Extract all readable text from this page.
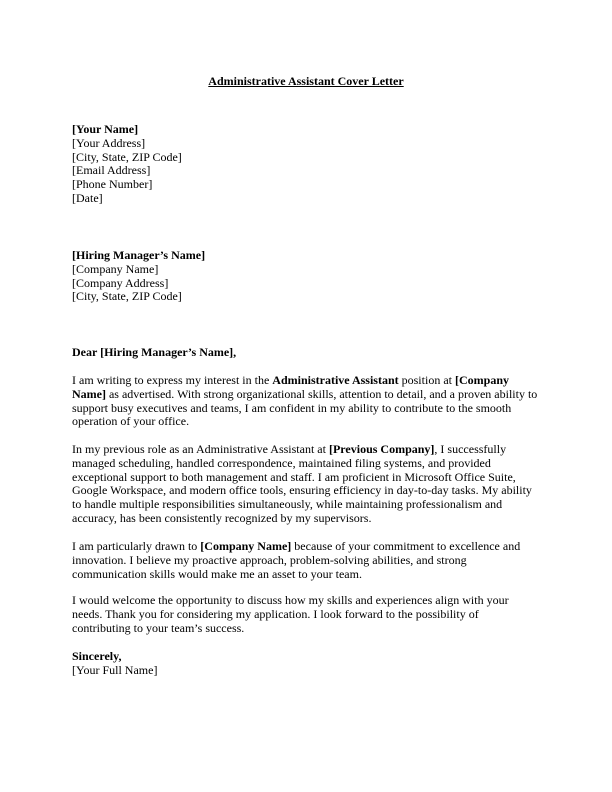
Administrative Assistant Cover Letter
[Your Name]
[Your Address]
[City, State, ZIP Code]
[Email Address]
[Phone Number]
[Date]
[Hiring Manager’s Name]
[Company Name]
[Company Address]
[City, State, ZIP Code]
Dear [Hiring Manager’s Name],
I am writing to express my interest in the Administrative Assistant position at [Company
Name] as advertised. With strong organizational skills, attention to detail, and a proven ability to
support busy executives and teams, I am confident in my ability to contribute to the smooth
operation of your office.
In my previous role as an Administrative Assistant at [Previous Company], I successfully
managed scheduling, handled correspondence, maintained filing systems, and provided
exceptional support to both management and staff. I am proficient in Microsoft Office Suite,
Google Workspace, and modern office tools, ensuring efficiency in day-to-day tasks. My ability
to handle multiple responsibilities simultaneously, while maintaining professionalism and
accuracy, has been consistently recognized by my supervisors.
I am particularly drawn to [Company Name] because of your commitment to excellence and
innovation. I believe my proactive approach, problem-solving abilities, and strong
communication skills would make me an asset to your team.
I would welcome the opportunity to discuss how my skills and experiences align with your
needs. Thank you for considering my application. I look forward to the possibility of
contributing to your team’s success.
Sincerely,
[Your Full Name]
